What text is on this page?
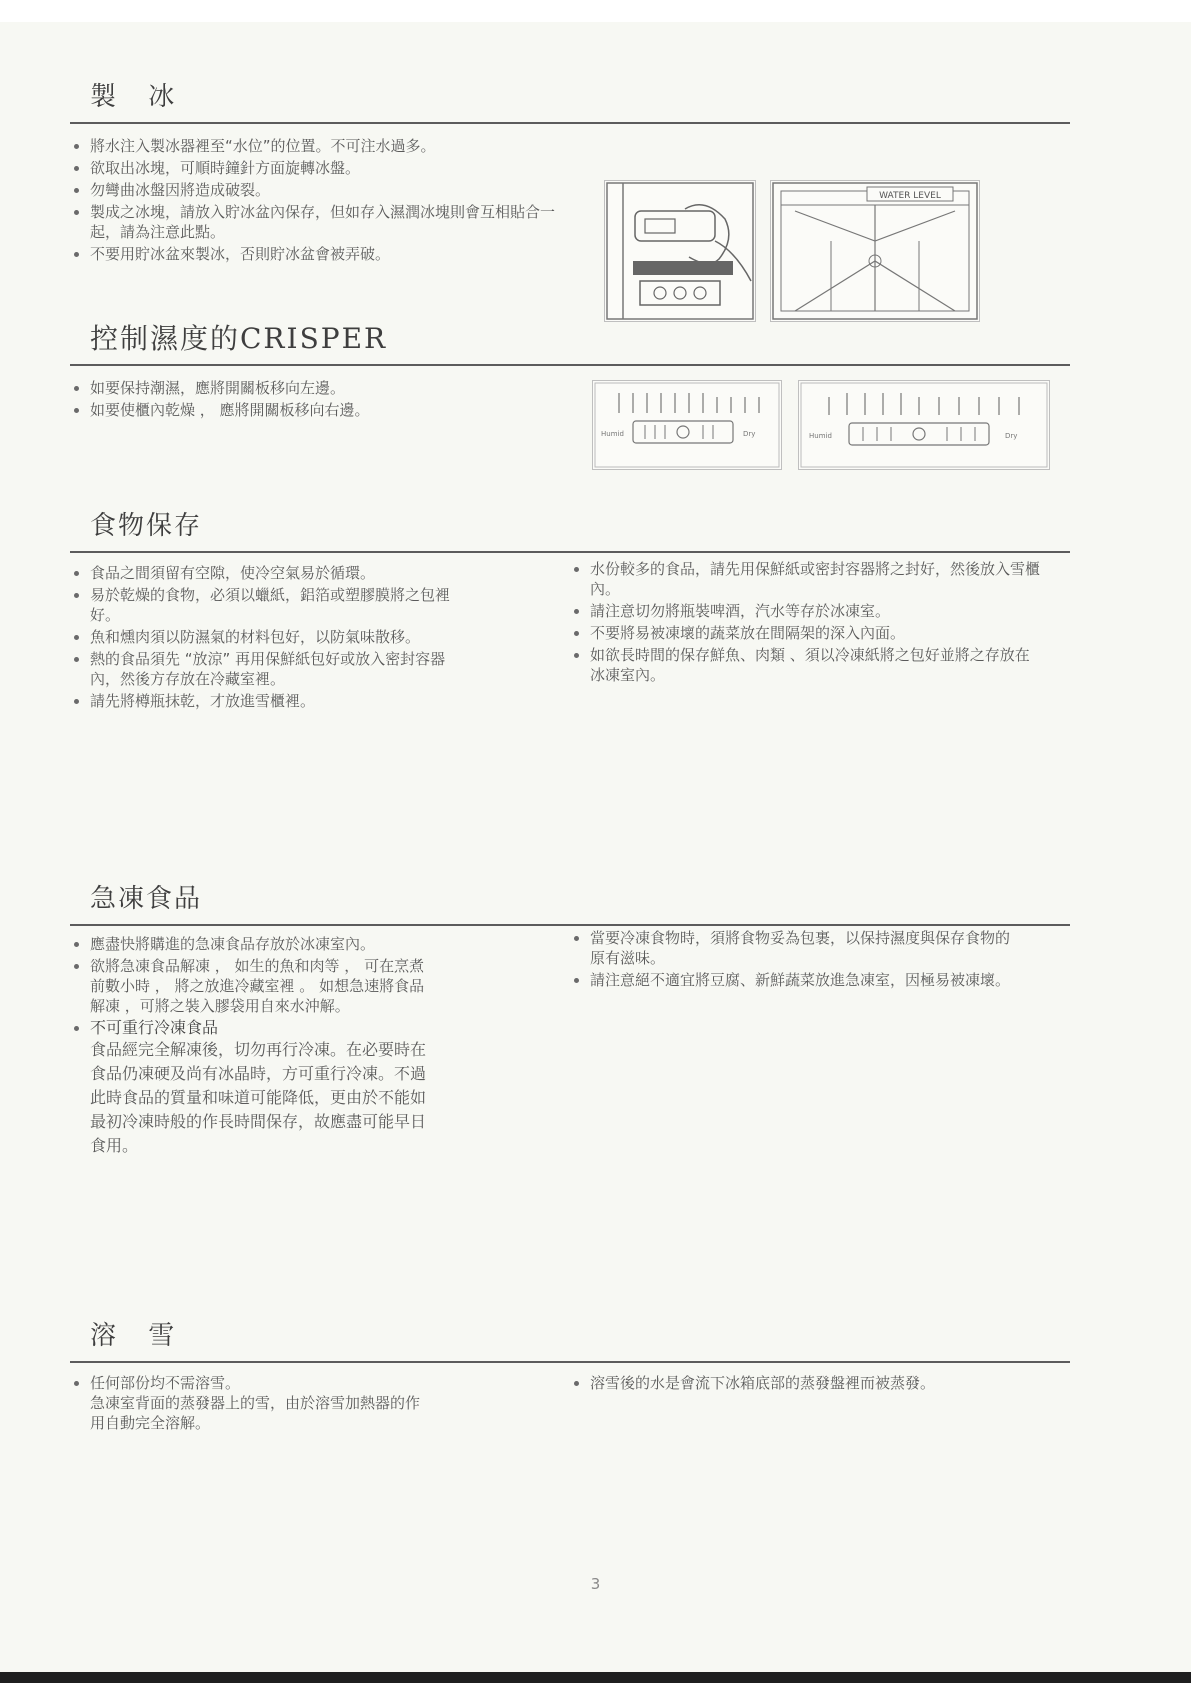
製 冰
將水注入製冰器裡至“水位”的位置。不可注水過多。
欲取出冰塊，可順時鐘針方面旋轉冰盤。
勿彎曲冰盤因將造成破裂。
製成之冰塊，請放入貯冰盆內保存，但如存入濕潤冰塊則會互相貼合一起，請為注意此點。
不要用貯冰盆來製冰，否則貯冰盆會被弄破。
WATER LEVEL
控制濕度的CRISPER
如要保持潮濕，應將開關板移向左邊。
如要使櫃內乾燥 ， 應將開關板移向右邊。
Humid	Dry	Humid	Dry
食物保存
食品之間須留有空隙，使冷空氣易於循環。
易於乾燥的食物，必須以蠟紙，鋁箔或塑膠膜將之包裡好。
魚和燻肉須以防濕氣的材料包好，以防氣味散移。
熱的食品須先 “放涼” 再用保鮮紙包好或放入密封容器內，然後方存放在冷藏室裡。
請先將樽瓶抹乾，才放進雪櫃裡。
水份較多的食品，請先用保鮮紙或密封容器將之封好，然後放入雪櫃內。
請注意切勿將瓶裝啤酒，汽水等存於冰凍室。
不要將易被凍壞的蔬菜放在間隔架的深入內面。
如欲長時間的保存鮮魚、肉類 、須以冷凍紙將之包好並將之存放在冰凍室內。
急凍食品
應盡快將購進的急凍食品存放於冰凍室內。
欲將急凍食品解凍 ， 如生的魚和肉等 ， 可在烹煮前數小時 ， 將之放進冷藏室裡 。 如想急速將食品解凍 ，可將之裝入膠袋用自來水沖解。
不可重行冷凍食品
食品經完全解凍後，切勿再行冷凍。在必要時在食品仍凍硬及尚有冰晶時，方可重行冷凍。不過此時食品的質量和味道可能降低，更由於不能如最初冷凍時般的作長時間保存，故應盡可能早日食用。
當要冷凍食物時，須將食物妥為包裹，以保持濕度與保存食物的原有滋味。
請注意絕不適宜將豆腐、新鮮蔬菜放進急凍室，因極易被凍壞。
溶 雪
任何部份均不需溶雪。
急凍室背面的蒸發器上的雪，由於溶雪加熱器的作用自動完全溶解。
溶雪後的水是會流下冰箱底部的蒸發盤裡而被蒸發。
3
